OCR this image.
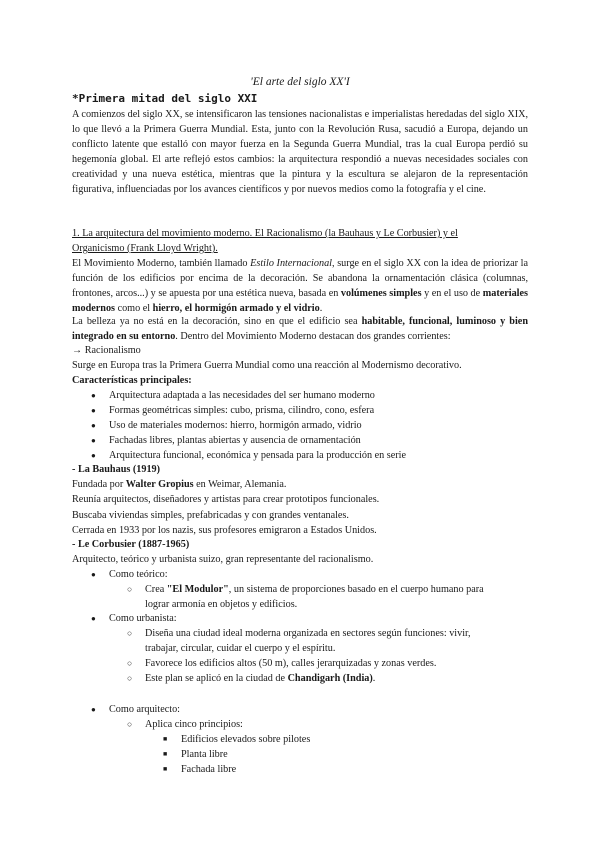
'El arte del siglo XX'I
*Primera mitad del siglo XXI
A comienzos del siglo XX, se intensificaron las tensiones nacionalistas e imperialistas heredadas del siglo XIX, lo que llevó a la Primera Guerra Mundial. Esta, junto con la Revolución Rusa, sacudió a Europa, dejando un conflicto latente que estalló con mayor fuerza en la Segunda Guerra Mundial, tras la cual Europa perdió su hegemonía global. El arte reflejó estos cambios: la arquitectura respondió a nuevas necesidades sociales con creatividad y una nueva estética, mientras que la pintura y la escultura se alejaron de la representación figurativa, influenciadas por los avances científicos y por nuevos medios como la fotografía y el cine.
1. La arquitectura del movimiento moderno. El Racionalismo (la Bauhaus y Le Corbusier) y el
Organicismo (Frank Lloyd Wright).
El Movimiento Moderno, también llamado Estilo Internacional, surge en el siglo XX con la idea de priorizar la función de los edificios por encima de la decoración. Se abandona la ornamentación clásica (columnas, frontones, arcos...) y se apuesta por una estética nueva, basada en volúmenes simples y en el uso de materiales modernos como el hierro, el hormigón armado y el vidrio.
La belleza ya no está en la decoración, sino en que el edificio sea habitable, funcional, luminoso y bien integrado en su entorno. Dentro del Movimiento Moderno destacan dos grandes corrientes:
→ Racionalismo
Surge en Europa tras la Primera Guerra Mundial como una reacción al Modernismo decorativo.
Características principales:
● Arquitectura adaptada a las necesidades del ser humano moderno
● Formas geométricas simples: cubo, prisma, cilindro, cono, esfera
● Uso de materiales modernos: hierro, hormigón armado, vidrio
● Fachadas libres, plantas abiertas y ausencia de ornamentación
● Arquitectura funcional, económica y pensada para la producción en serie
- La Bauhaus (1919)
Fundada por Walter Gropius en Weimar, Alemania.
Reunía arquitectos, diseñadores y artistas para crear prototipos funcionales.
Buscaba viviendas simples, prefabricadas y con grandes ventanales.
Cerrada en 1933 por los nazis, sus profesores emigraron a Estados Unidos.
- Le Corbusier (1887-1965)
Arquitecto, teórico y urbanista suizo, gran representante del racionalismo.
● Como teórico:
○ Crea "El Modulor", un sistema de proporciones basado en el cuerpo humano para
lograr armonía en objetos y edificios.
● Como urbanista:
○ Diseña una ciudad ideal moderna organizada en sectores según funciones: vivir,
trabajar, circular, cuidar el cuerpo y el espíritu.
○ Favorece los edificios altos (50 m), calles jerarquizadas y zonas verdes.
○ Este plan se aplicó en la ciudad de Chandigarh (India).
● Como arquitecto:
○ Aplica cinco principios:
■ Edificios elevados sobre pilotes
■ Planta libre
■ Fachada libre
